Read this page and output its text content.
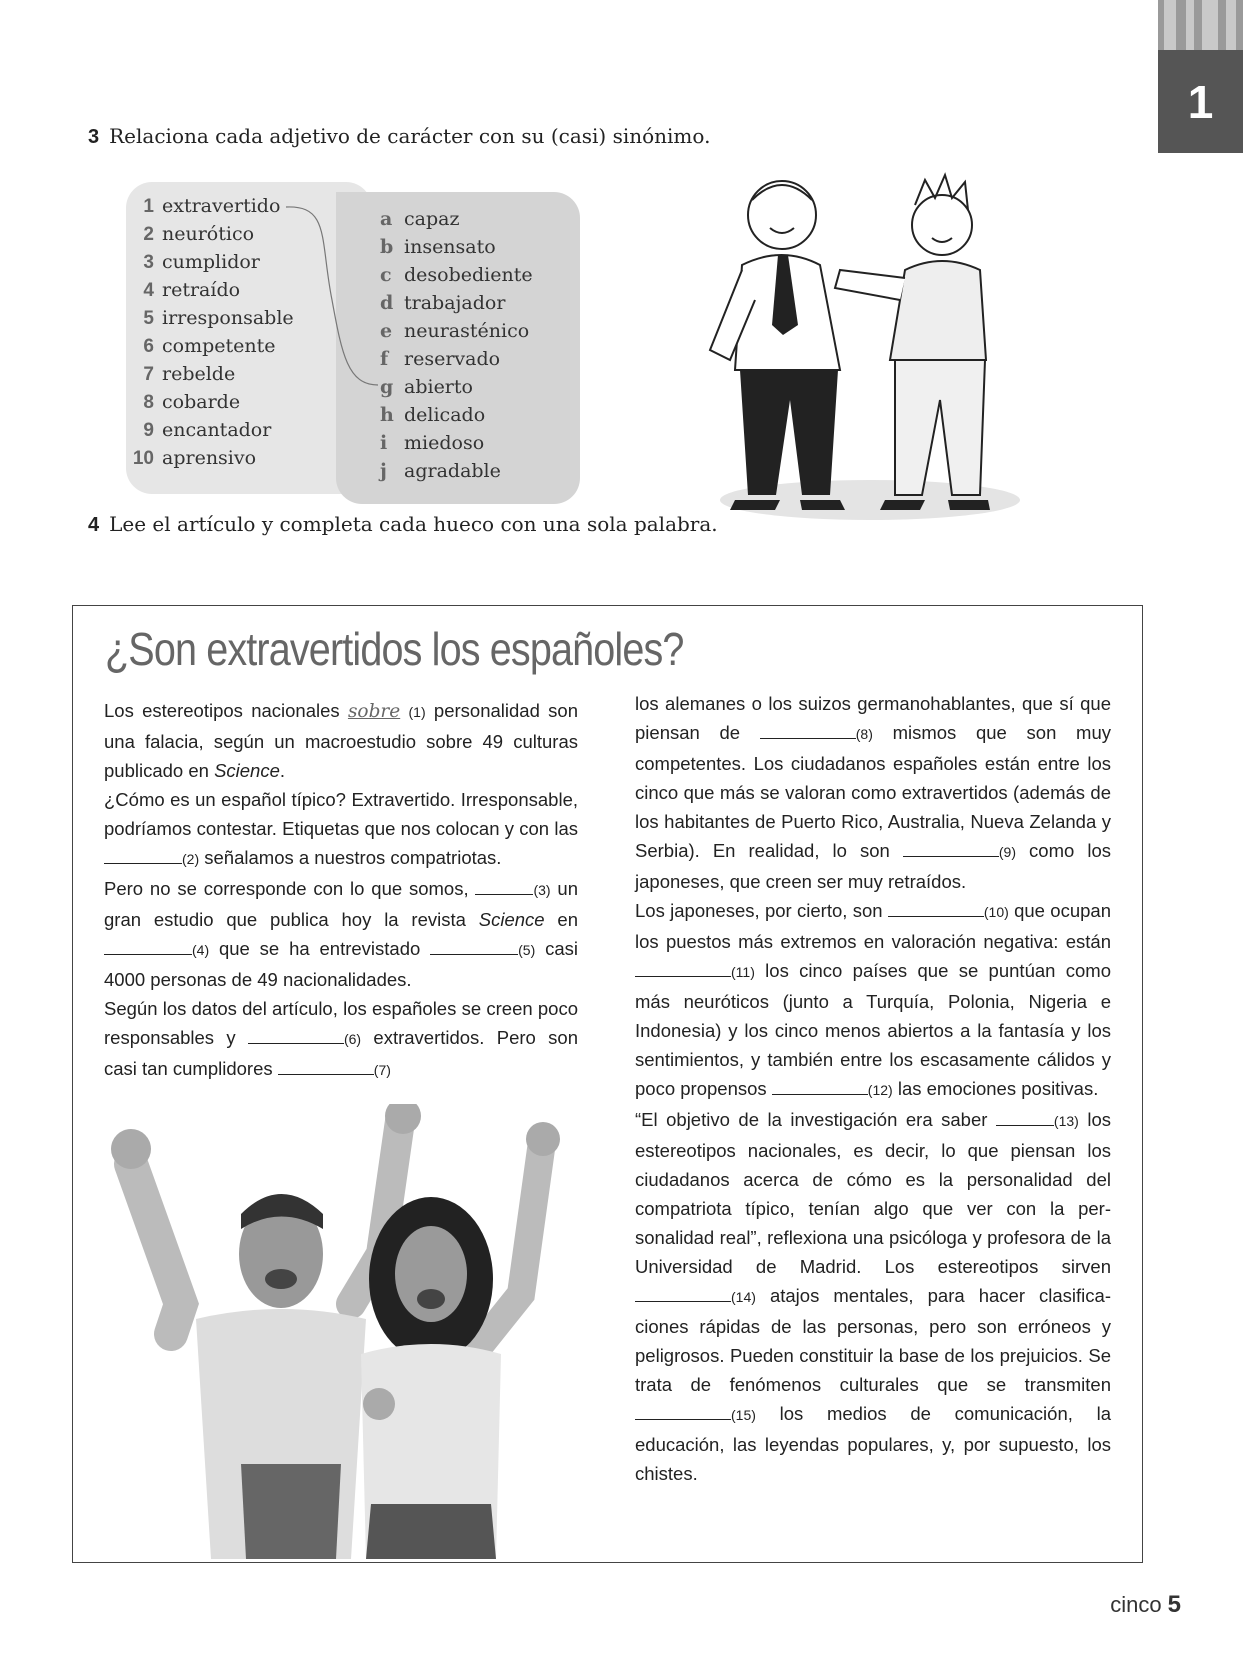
1
3 Relaciona cada adjetivo de carácter con su (casi) sinónimo.
1 extravertido
2 neurótico
3 cumplidor
4 retraído
5 irresponsable
6 competente
7 rebelde
8 cobarde
9 encantador
10 aprensivo
a capaz
b insensato
c desobediente
d trabajador
e neurasténico
f reservado
g abierto
h delicado
i miedoso
j agradable
4 Lee el artículo y completa cada hueco con una sola palabra.
¿Son extravertidos los españoles?

Los estereotipos nacionales sobre (1) personalidad son una falacia, según un macroestudio sobre 49 culturas publicado en Science.

¿Cómo es un español típico? Extravertido. Irresponsable, podríamos contestar. Etiquetas que nos colocan y con las (2) señalamos a nuestros compatriotas.

Pero no se corresponde con lo que somos,	(3) un gran estudio que publica hoy la revista Science en (4) que se ha entrevistado	(5) casi 4000 personas de 49 nacionalidades.

Según los datos del artículo, los españoles se creen poco responsables y	(6) extravertidos. Pero son casi tan cumplidores	(7)

los alemanes o los suizos germanohablantes, que sí que piensan de	(8) mismos que son muy competentes. Los ciudadanos españoles están entre los cinco que más se valoran como extravertidos (además de los habitantes de Puerto Rico, Australia, Nueva Zelanda y Serbia). En realidad, lo son	(9) como los japoneses, que creen ser muy retraídos.

Los japoneses, por cierto, son	(10) que ocupan los puestos más extremos en valoración negativa: están (11) los cinco países que se puntúan como más neuróticos (junto a Turquía, Polonia, Nigeria e Indonesia) y los cinco menos abiertos a la fantasía y los sentimientos, y también entre los escasamente cálidos y poco propensos	(12) las emociones positivas.

“El objetivo de la investigación era saber	(13) los estereotipos nacionales, es decir, lo que piensan los ciudadanos acerca de cómo es la personalidad del compatriota típico, tenían algo que ver con la personalidad real”, reflexiona una psicóloga y profesora de la Universidad de Madrid. Los estereotipos sirven (14) atajos mentales, para hacer clasificaciones rápidas de las personas, pero son erróneos y peligrosos. Pueden constituir la base de los prejuicios. Se trata de fenómenos culturales que se transmiten (15) los medios de comunicación, la educación, las leyendas populares, y, por supuesto, los chistes.

cinco 5
